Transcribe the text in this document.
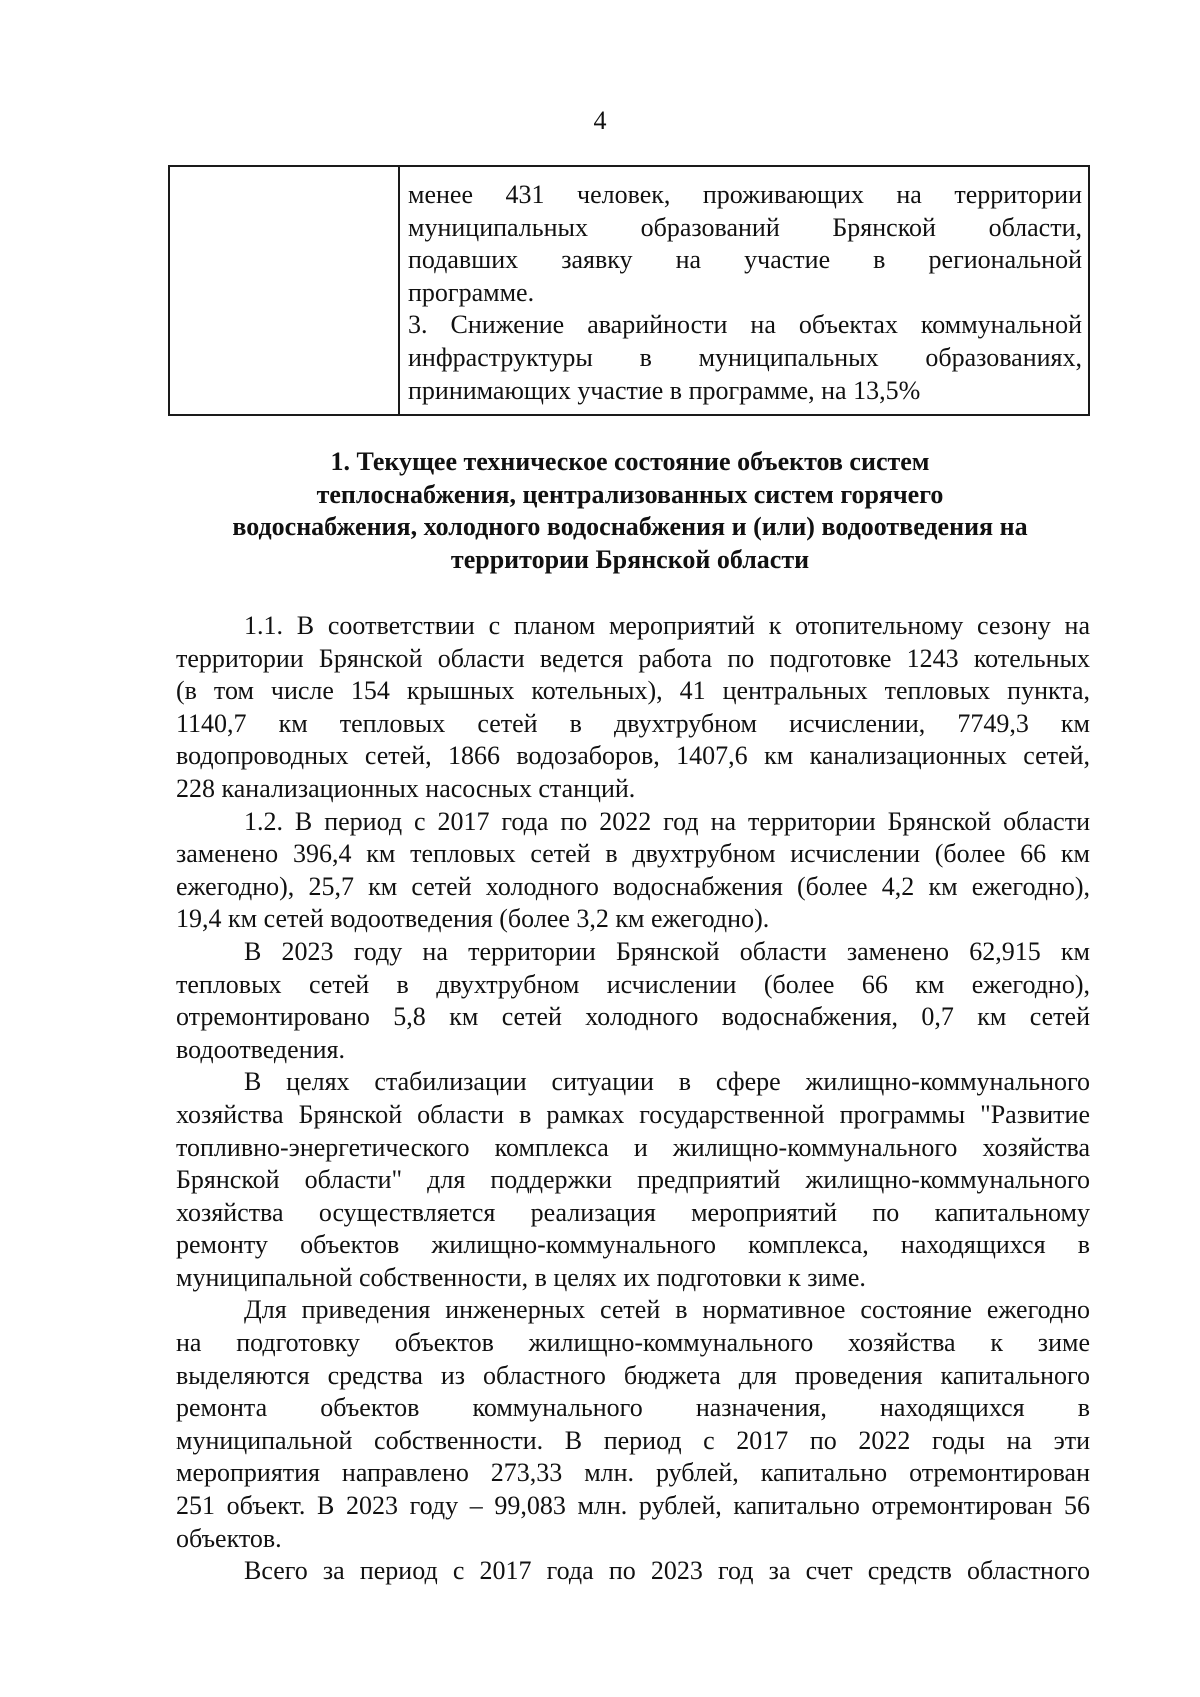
4

менее 431 человек, проживающих на территории

муниципальных образований Брянской области,

подавших заявку на участие в региональной

программе.

3. Снижение аварийности на объектах коммунальной

инфраструктуры в муниципальных образованиях,

принимающих участие в программе, на 13,5%

1. Текущее техническое состояние объектов систем
теплоснабжения, централизованных систем горячего
водоснабжения, холодного водоснабжения и (или) водоотведения на
территории Брянской области
1.1. В соответствии с планом мероприятий к отопительному сезону на
территории Брянской области ведется работа по подготовке 1243 котельных
(в том числе 154 крышных котельных), 41 центральных тепловых пункта,
1140,7 км тепловых сетей в двухтрубном исчислении, 7749,3 км
водопроводных сетей, 1866 водозаборов, 1407,6 км канализационных сетей,
228 канализационных насосных станций.
1.2. В период с 2017 года по 2022 год на территории Брянской области
заменено 396,4 км тепловых сетей в двухтрубном исчислении (более 66 км
ежегодно), 25,7 км сетей холодного водоснабжения (более 4,2 км ежегодно),
19,4 км сетей водоотведения (более 3,2 км ежегодно).
В 2023 году на территории Брянской области заменено 62,915 км
тепловых сетей в двухтрубном исчислении (более 66 км ежегодно),
отремонтировано 5,8 км сетей холодного водоснабжения, 0,7 км сетей
водоотведения.
В целях стабилизации ситуации в сфере жилищно-коммунального
хозяйства Брянской области в рамках государственной программы "Развитие
топливно-энергетического комплекса и жилищно-коммунального хозяйства
Брянской области" для поддержки предприятий жилищно-коммунального
хозяйства осуществляется реализация мероприятий по капитальному
ремонту объектов жилищно-коммунального комплекса, находящихся в
муниципальной собственности, в целях их подготовки к зиме.
Для приведения инженерных сетей в нормативное состояние ежегодно
на подготовку объектов жилищно-коммунального хозяйства к зиме
выделяются средства из областного бюджета для проведения капитального
ремонта объектов коммунального назначения, находящихся в
муниципальной собственности. В период с 2017 по 2022 годы на эти
мероприятия направлено 273,33 млн. рублей, капитально отремонтирован
251 объект. В 2023 году – 99,083 млн. рублей, капитально отремонтирован 56
объектов.
Всего за период с 2017 года по 2023 год за счет средств областного
